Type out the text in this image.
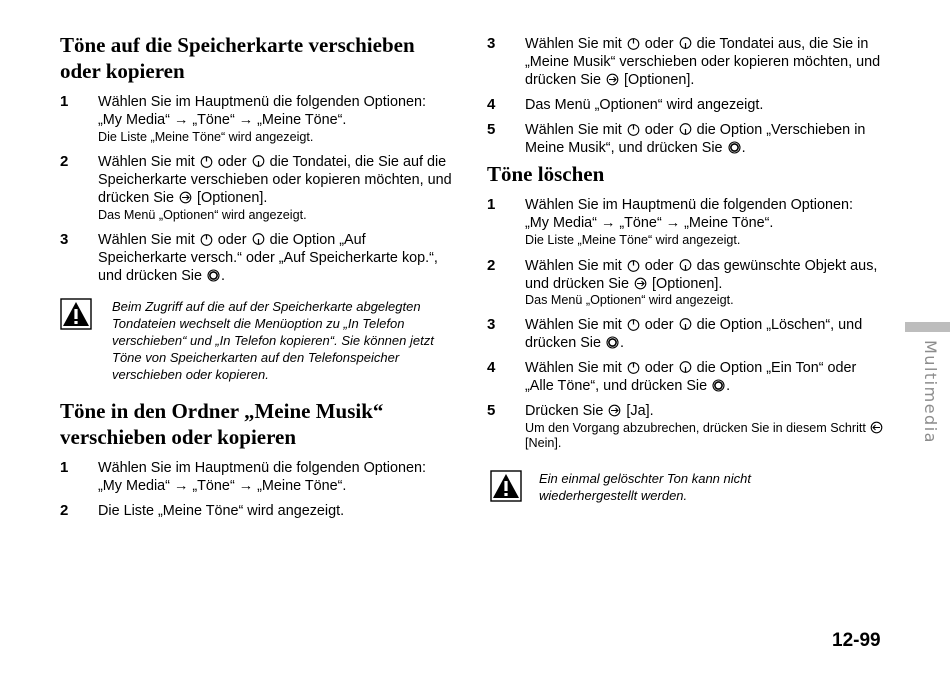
Töne auf die Speicherkarte verschieben oder kopieren
1 Wählen Sie im Hauptmenü die folgenden Optionen:
„My Media“ → „Töne“ → „Meine Töne“.
Die Liste „Meine Töne“ wird angezeigt.
2 Wählen Sie mit oder die Tondatei, die Sie auf die Speicherkarte verschieben oder kopieren möchten, und drücken Sie [Optionen].
Das Menü „Optionen“ wird angezeigt.
3 Wählen Sie mit oder die Option „Auf Speicherkarte versch.“ oder „Auf Speicherkarte kop.“, und drücken Sie .
Beim Zugriff auf die auf der Speicherkarte abgelegten Tondateien wechselt die Menüoption zu „In Telefon verschieben“ und „In Telefon kopieren“. Sie können jetzt Töne von Speicherkarten auf den Telefonspeicher verschieben oder kopieren.
Töne in den Ordner „Meine Musik“ verschieben oder kopieren
1 Wählen Sie im Hauptmenü die folgenden Optionen:
„My Media“ → „Töne“ → „Meine Töne“.
2 Die Liste „Meine Töne“ wird angezeigt.
3 Wählen Sie mit oder die Tondatei aus, die Sie in „Meine Musik“ verschieben oder kopieren möchten, und drücken Sie [Optionen].
4 Das Menü „Optionen“ wird angezeigt.
5 Wählen Sie mit oder die Option „Verschieben in Meine Musik“, und drücken Sie .
Töne löschen
1 Wählen Sie im Hauptmenü die folgenden Optionen:
„My Media“ → „Töne“ → „Meine Töne“.
Die Liste „Meine Töne“ wird angezeigt.
2 Wählen Sie mit oder das gewünschte Objekt aus, und drücken Sie [Optionen].
Das Menü „Optionen“ wird angezeigt.
3 Wählen Sie mit oder die Option „Löschen“, und drücken Sie .
4 Wählen Sie mit oder die Option „Ein Ton“ oder „Alle Töne“, und drücken Sie .
5 Drücken Sie [Ja].
Um den Vorgang abzubrechen, drücken Sie in diesem Schritt
[Nein].
Ein einmal gelöschter Ton kann nicht wiederhergestellt werden.
Multimedia
12-99
